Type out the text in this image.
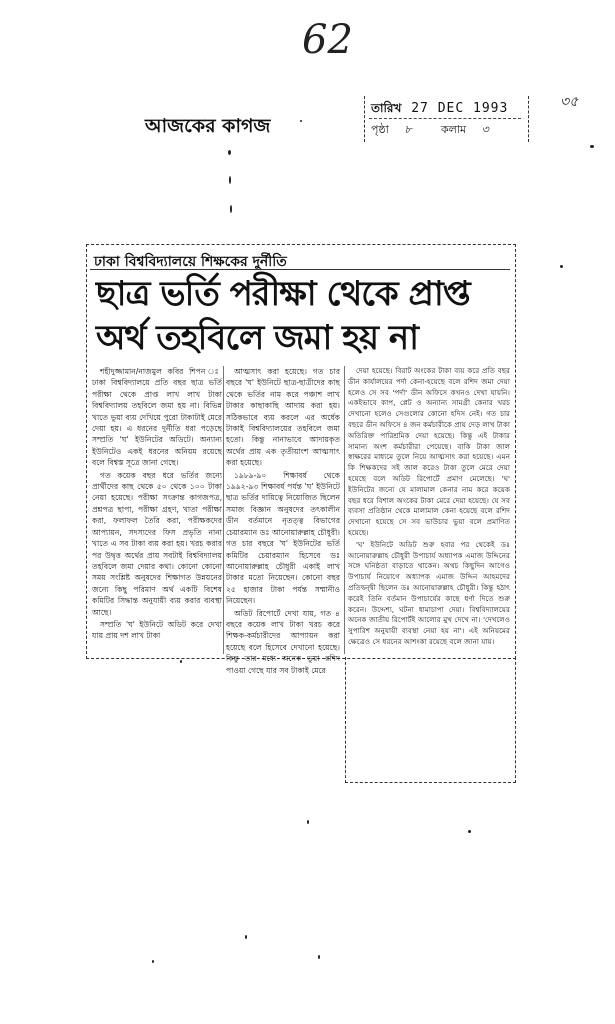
62
৩৫
আজকের কাগজ
তারিখ 27 DEC 1993
পৃষ্ঠা ৮	কলাম ৩
ঢাকা বিশ্ববিদ্যালয়ে শিক্ষকের দুর্নীতি
ছাত্র ভর্তি পরীক্ষা থেকে প্রাপ্ত
অর্থ তহবিলে জমা হয় না

শহীদুজ্জামান/নাজমুল কবির শিপন ঃ ঢাকা বিশ্ববিদ্যালয়ে প্রতি বছর ছাত্র ভর্তি পরীক্ষা থেকে প্রাপ্ত লাখ লাখ টাকা বিশ্ববিদ্যালয় তহবিলে জমা হয় না। বিভিন্ন খাতে ভুয়া ব্যয় দেখিয়ে পুরো টাকাটাই মেরে দেয়া হয়। এ ধরনের দুর্নীতি ধরা পড়েছে সম্প্রতি 'ঘ' ইউনিটের অডিটে। অন্যান্য ইউনিটেও একই ধরনের অনিয়ম রয়েছে বলে বিশ্বস্ত সূত্রে জানা গেছে।

গত কয়েক বছর ধরে ভর্তির জন্যে প্রার্থীদের কাছ থেকে ৫০ থেকে ১০০ টাকা নেয়া হয়েছে। পরীক্ষা সংক্রান্ত কাগজপত্র, প্রশ্নপত্র ছাপা, পরীক্ষা গ্রহণ, খাতা পরীক্ষা করা, ফলাফল তৈরি করা, পরীক্ষকদের আপ্যায়ন, সদস্যদের ফিস প্রভৃতি নানা খাতে এ সব টাকা ব্যয় করা হয়। খরচ করার পর উদ্বৃত্ত অর্থের প্রায় সবটাই বিশ্ববিদ্যালয় তহবিলে জমা দেয়ার কথা। কোনো কোনো সময় সংশ্লিষ্ট অনুষদের শিক্ষাগত উন্নয়নের জন্যে কিছু পরিমাণ অর্থ একটি বিশেষ কমিটির সিদ্ধান্ত অনুযায়ী ব্যয় করার ব্যবস্থা আছে।

সম্প্রতি 'ঘ' ইউনিটে অডিট করে দেখা যায় প্রায় দশ লাখ টাকা

আত্মসাৎ করা হয়েছে। গত চার বছরে 'ঘ' ইউনিটে ছাত্র-ছাত্রীদের কাছ থেকে ভর্তির নাম করে পঞ্চাশ লাখ টাকার কাছাকাছি আদায় করা হয়। সঠিকভাবে ব্যয় করলে এর অর্ধেক টাকাই বিশ্ববিদ্যালয়ের তহবিলে জমা হতো। কিন্তু নানাভাবে আদায়কৃত অর্থের প্রায় এক তৃতীয়াংশ আত্মসাৎ করা হয়েছে।

১৯৮৯-৯০ শিক্ষাবর্ষ থেকে ১৯৯২-৯৩ শিক্ষাবর্ষ পর্যন্ত 'ঘ' ইউনিটে ছাত্র ভর্তির দায়িত্বে নিয়োজিত ছিলেন সমাজ বিজ্ঞান অনুষদের তৎকালীন ডীন বর্তমানে নৃতত্ত্ব বিভাগের চেয়ারম্যান ডঃ আনোয়ারুল্লাহ চৌধুরী। গত চার বছরে 'ঘ' ইউনিটের ভর্তি কমিটির চেয়ারম্যান হিসেবে ডঃ আনোয়ারুল্লাহ চৌধুরী একাই লাখ টাকার মতো নিয়েছেন। কোনো বছর ২৫ হাজার টাকা পর্যন্ত সম্মানীও নিয়েছেন।

অডিট রিপোর্টে দেখা যায়, গত ৪ বছরে কয়েক লাখ টাকা খরচ করে শিক্ষক-কর্মচারীদের আপ্যায়ন করা হয়েছে বলে হিসেবে দেখানো হয়েছে। কিন্তু তার মধ্যে অনেক ভুয়া রশিদ পাওয়া গেছে যার সব টাকাই মেরে

দেয়া হয়েছে। বিরাট অংকের টাকা ব্যয় করে প্রতি বছর ডীন কার্যালয়ের পর্দা কেনা-হয়েছে বলে রশিদ জমা দেয়া হলেও সে সব 'পর্দা' ডীন অফিসে কখনও দেখা যায়নি। একইভাবে কাপ, প্লেট ও অন্যান্য সামগ্রী কেনার খরচ দেখানো হলেও সেগুলোর কোনো হদিস নেই। গত চার বছরে ডীন অফিসে ৪ জন কর্মচারীকে প্রায় দেড় লাখ টাকা অতিরিক্ত পারিশ্রমিক দেয়া হয়েছে। কিন্তু এই টাকার সামান্য অংশ কর্মচারীরা পেয়েছে। বাকি টাকা জাল স্বাক্ষরের মাধ্যমে তুলে নিয়ে আত্মসাৎ করা হয়েছে। এমন কি শিক্ষকদের সই জাল করেও টাকা তুলে মেরে দেয়া হয়েছে বলে অডিট রিপোর্টে প্রমাণ মেলেছে। 'ঘ' ইউনিটের জন্যে যে মালামাল কেনার নাম করে কয়েক বছর ধরে বিশাল অংকের টাকা মেরে দেয়া হয়েছে। যে সব ব্যবসা প্রতিষ্ঠান থেকে মালামাল কেনা হয়েছে বলে রশিদ দেখানো হয়েছে সে সব ভাউচার ভুয়া বলে প্রমাণিত হয়েছে।

'ঘ' ইউনিটে অডিট শুরু হবার পর থেকেই ডঃ আনোয়ারুল্লাহ চৌধুরী উপাচার্য অধ্যাপক এমাজ উদ্দিনের সঙ্গে ঘনিষ্ঠতা বাড়াতে থাকেন। অথচ কিছুদিন আগেও উপাচার্য নিয়োগে অধ্যাপক এমাজ উদ্দিন আহমদের প্রতিদ্বন্দ্বী ছিলেন ডঃ আনোয়ারুল্লাহ চৌধুরী। কিন্তু হঠাৎ করেই তিনি বর্তমান উপাচার্যের কাছে ধর্ণা দিতে শুরু করেন। উদ্দেশ্য, ঘটনা ধামাচাপা দেয়া। বিশ্ববিদ্যালয়ের অনেক জাতীয় রিপোর্টই আলোর মুখ দেখে না। 'দেখলেও সুপারিশ অনুযায়ী ব্যবস্থা নেয়া হয় না'। এই অনিয়মের ক্ষেত্রেও সে ধরনের আশংকা রয়েছে বলে জানা যায়।
